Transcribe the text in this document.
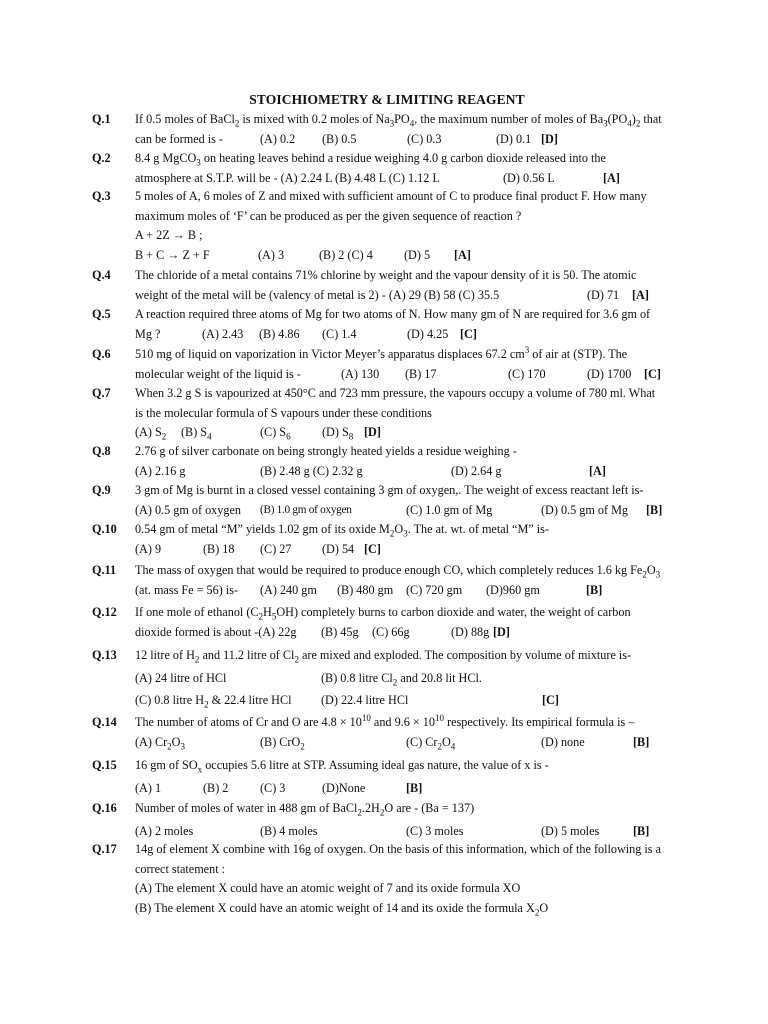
STOICHIOMETRY & LIMITING REAGENT
Q.1 If 0.5 moles of BaCl$_2$ is mixed with 0.2 moles of $Na_3PO_4$, the maximum number of moles of $Ba_3(PO_4)_2$ that
can be formed is -	(A) 0.2	(B) 0.5	(C) 0.3	(D) 0.1 [D]
Q.2 8.4 g MgCO$_3$ on heating leaves behind a residue weighing 4.0 g carbon dioxide released into the
atmosphere at S.T.P. will be - (A) 2.24 L (B) 4.48 L (C) 1.12 L	(D) 0.56 L	[A]
Q.3 5 moles of A, 6 moles of Z and mixed with sufficient amount of C to produce final product F. How many
maximum moles of ‘F’ can be produced as per the given sequence of reaction ?
A + 2Z → B ;
B + C → Z + F	(A) 3	(B) 2 (C) 4	(D) 5	[A]
Q.4 The chloride of a metal contains 71% chlorine by weight and the vapour density of it is 50. The atomic
weight of the metal will be (valency of metal is 2) - (A) 29 (B) 58 (C) 35.5	(D) 71	[A]
Q.5 A reaction required three atoms of Mg for two atoms of N. How many gm of N are required for 3.6 gm of
Mg ?	(A) 2.43	(B) 4.86	(C) 1.4	(D) 4.25 [C]
Q.6 510 mg of liquid on vaporization in Victor Meyer’s apparatus displaces 67.2 $cm^3$ of air at (STP). The
molecular weight of the liquid is -	(A) 130	(B) 17	(C) 170	(D) 1700	[C]
Q.7 When 3.2 g S is vapourized at 450°C and 723 mm pressure, the vapours occupy a volume of 780 ml. What
is the molecular formula of S vapours under these conditions
(A) $S_2$	(B) $S_4$	(C) $S_6$	(D) $S_8$ [D]
Q.8 2.76 g of silver carbonate on being strongly heated yields a residue weighing -
(A) 2.16 g	(B) 2.48 g (C) 2.32 g	(D) 2.64 g	[A]
Q.9 3 gm of Mg is burnt in a closed vessel containing 3 gm of oxygen,. The weight of excess reactant left is-
(A) 0.5 gm of oxygen	(B) 1.0 gm of oxygen	(C) 1.0 gm of Mg	(D) 0.5 gm of Mg	[B]
Q.10 0.54 gm of metal “M” yields 1.02 gm of its oxide $M_2O_3$. The at. wt. of metal “M” is-
(A) 9	(B) 18	(C) 27	(D) 54 [C]
Q.11 The mass of oxygen that would be required to produce enough CO, which completely reduces 1.6 kg $Fe_2O_3$
(at. mass Fe = 56) is-	(A) 240 gm	(B) 480 gm	(C) 720 gm	(D)960 gm	[B]
Q.12 If one mole of ethanol $(C_2H_5OH)$ completely burns to carbon dioxide and water, the weight of carbon
dioxide formed is about -(A) 22g	(B) 45g	(C) 66g	(D) 88g [D]
Q.13 12 litre of $H_2$ and 11.2 litre of $Cl_2$ are mixed and exploded. The composition by volume of mixture is-
(A) 24 litre of HCl	(B) 0.8 litre $Cl_2$ and 20.8 lit HCl.
(C) 0.8 litre $H_2$ & 22.4 litre HCl	(D) 22.4 litre HCl	[C]
Q.14 The number of atoms of Cr and O are $4.8 \times 10^{10}$ and $9.6 \times 10^{10}$ respectively. Its empirical formula is –
(A) $Cr_2O_3$	(B) CrO$_2$	(C) $Cr_2O_4$	(D) none	[B]
Q.15 16 gm of $SO_x$ occupies 5.6 litre at STP. Assuming ideal gas nature, the value of x is -
(A) 1	(B) 2	(C) 3	(D)None	[B]
Q.16 Number of moles of water in 488 gm of $BaCl_2.2H_2O$ are - (Ba = 137)
(A) 2 moles	(B) 4 moles	(C) 3 moles	(D) 5 moles	[B]
Q.17 14g of element X combine with 16g of oxygen. On the basis of this information, which of the following is a
correct statement :
(A) The element X could have an atomic weight of 7 and its oxide formula XO
(B) The element X could have an atomic weight of 14 and its oxide the formula $X_2O$
